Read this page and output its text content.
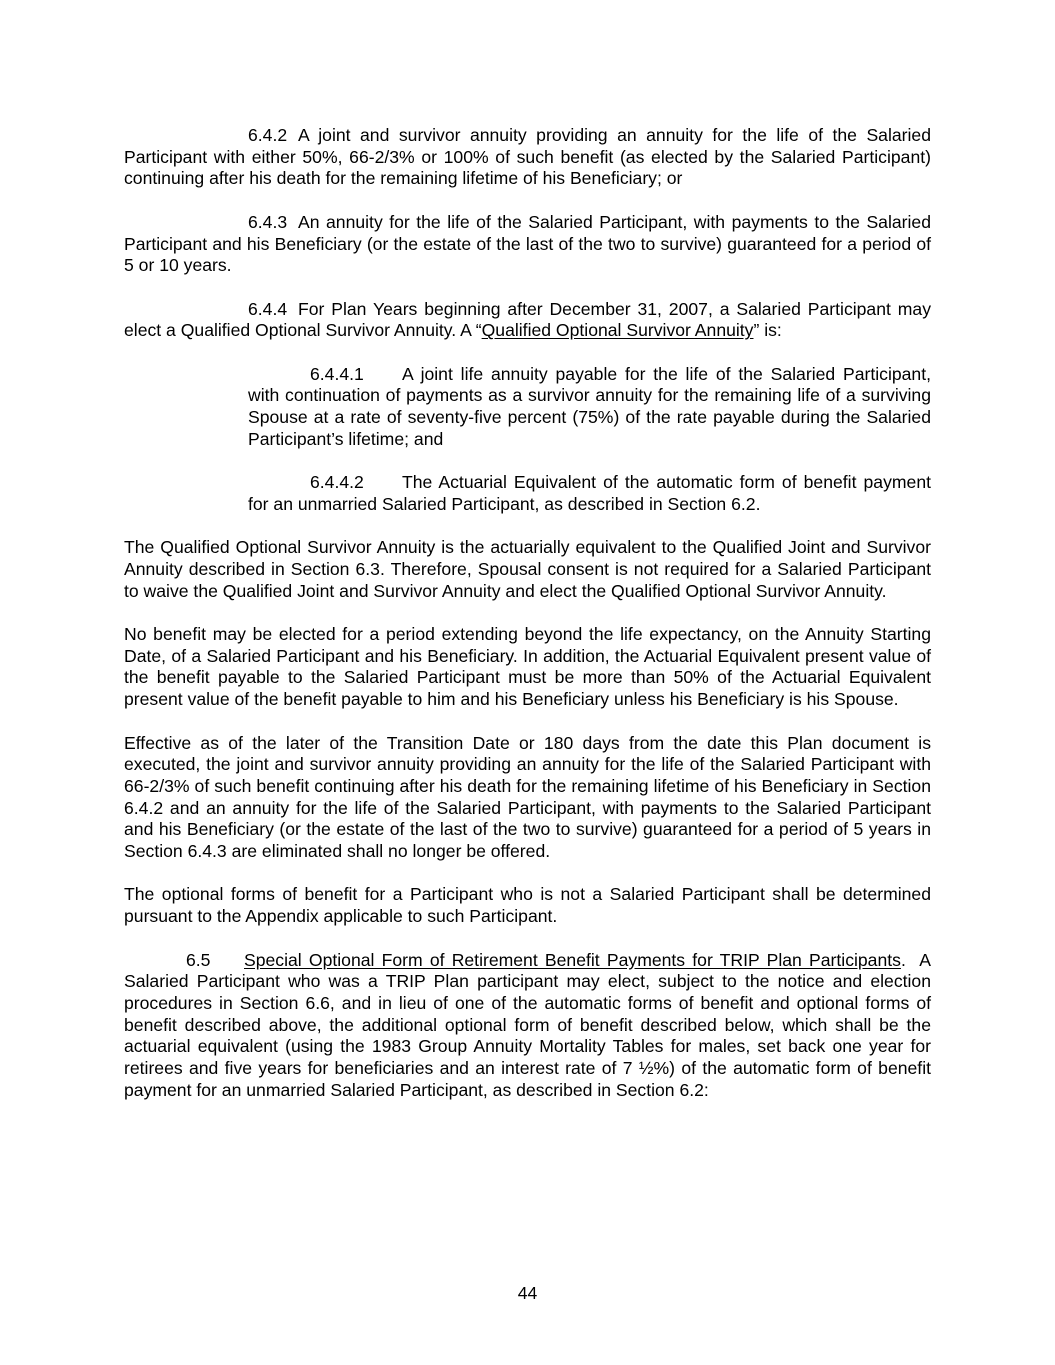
6.4.2 A joint and survivor annuity providing an annuity for the life of the Salaried Participant with either 50%, 66-2/3% or 100% of such benefit (as elected by the Salaried Participant) continuing after his death for the remaining lifetime of his Beneficiary; or

6.4.3 An annuity for the life of the Salaried Participant, with payments to the Salaried Participant and his Beneficiary (or the estate of the last of the two to survive) guaranteed for a period of 5 or 10 years.

6.4.4 For Plan Years beginning after December 31, 2007, a Salaried Participant may elect a Qualified Optional Survivor Annuity. A “Qualified Optional Survivor Annuity” is:

6.4.4.1 A joint life annuity payable for the life of the Salaried Participant, with continuation of payments as a survivor annuity for the remaining life of a surviving Spouse at a rate of seventy-five percent (75%) of the rate payable during the Salaried Participant’s lifetime; and

6.4.4.2 The Actuarial Equivalent of the automatic form of benefit payment for an unmarried Salaried Participant, as described in Section 6.2.

The Qualified Optional Survivor Annuity is the actuarially equivalent to the Qualified Joint and Survivor Annuity described in Section 6.3. Therefore, Spousal consent is not required for a Salaried Participant to waive the Qualified Joint and Survivor Annuity and elect the Qualified Optional Survivor Annuity.

No benefit may be elected for a period extending beyond the life expectancy, on the Annuity Starting Date, of a Salaried Participant and his Beneficiary. In addition, the Actuarial Equivalent present value of the benefit payable to the Salaried Participant must be more than 50% of the Actuarial Equivalent present value of the benefit payable to him and his Beneficiary unless his Beneficiary is his Spouse.

Effective as of the later of the Transition Date or 180 days from the date this Plan document is executed, the joint and survivor annuity providing an annuity for the life of the Salaried Participant with 66-2/3% of such benefit continuing after his death for the remaining lifetime of his Beneficiary in Section 6.4.2 and an annuity for the life of the Salaried Participant, with payments to the Salaried Participant and his Beneficiary (or the estate of the last of the two to survive) guaranteed for a period of 5 years in Section 6.4.3 are eliminated shall no longer be offered.

The optional forms of benefit for a Participant who is not a Salaried Participant shall be determined pursuant to the Appendix applicable to such Participant.

6.5 Special Optional Form of Retirement Benefit Payments for TRIP Plan Participants. A Salaried Participant who was a TRIP Plan participant may elect, subject to the notice and election procedures in Section 6.6, and in lieu of one of the automatic forms of benefit and optional forms of benefit described above, the additional optional form of benefit described below, which shall be the actuarial equivalent (using the 1983 Group Annuity Mortality Tables for males, set back one year for retirees and five years for beneficiaries and an interest rate of 7 ½%) of the automatic form of benefit payment for an unmarried Salaried Participant, as described in Section 6.2:

44
